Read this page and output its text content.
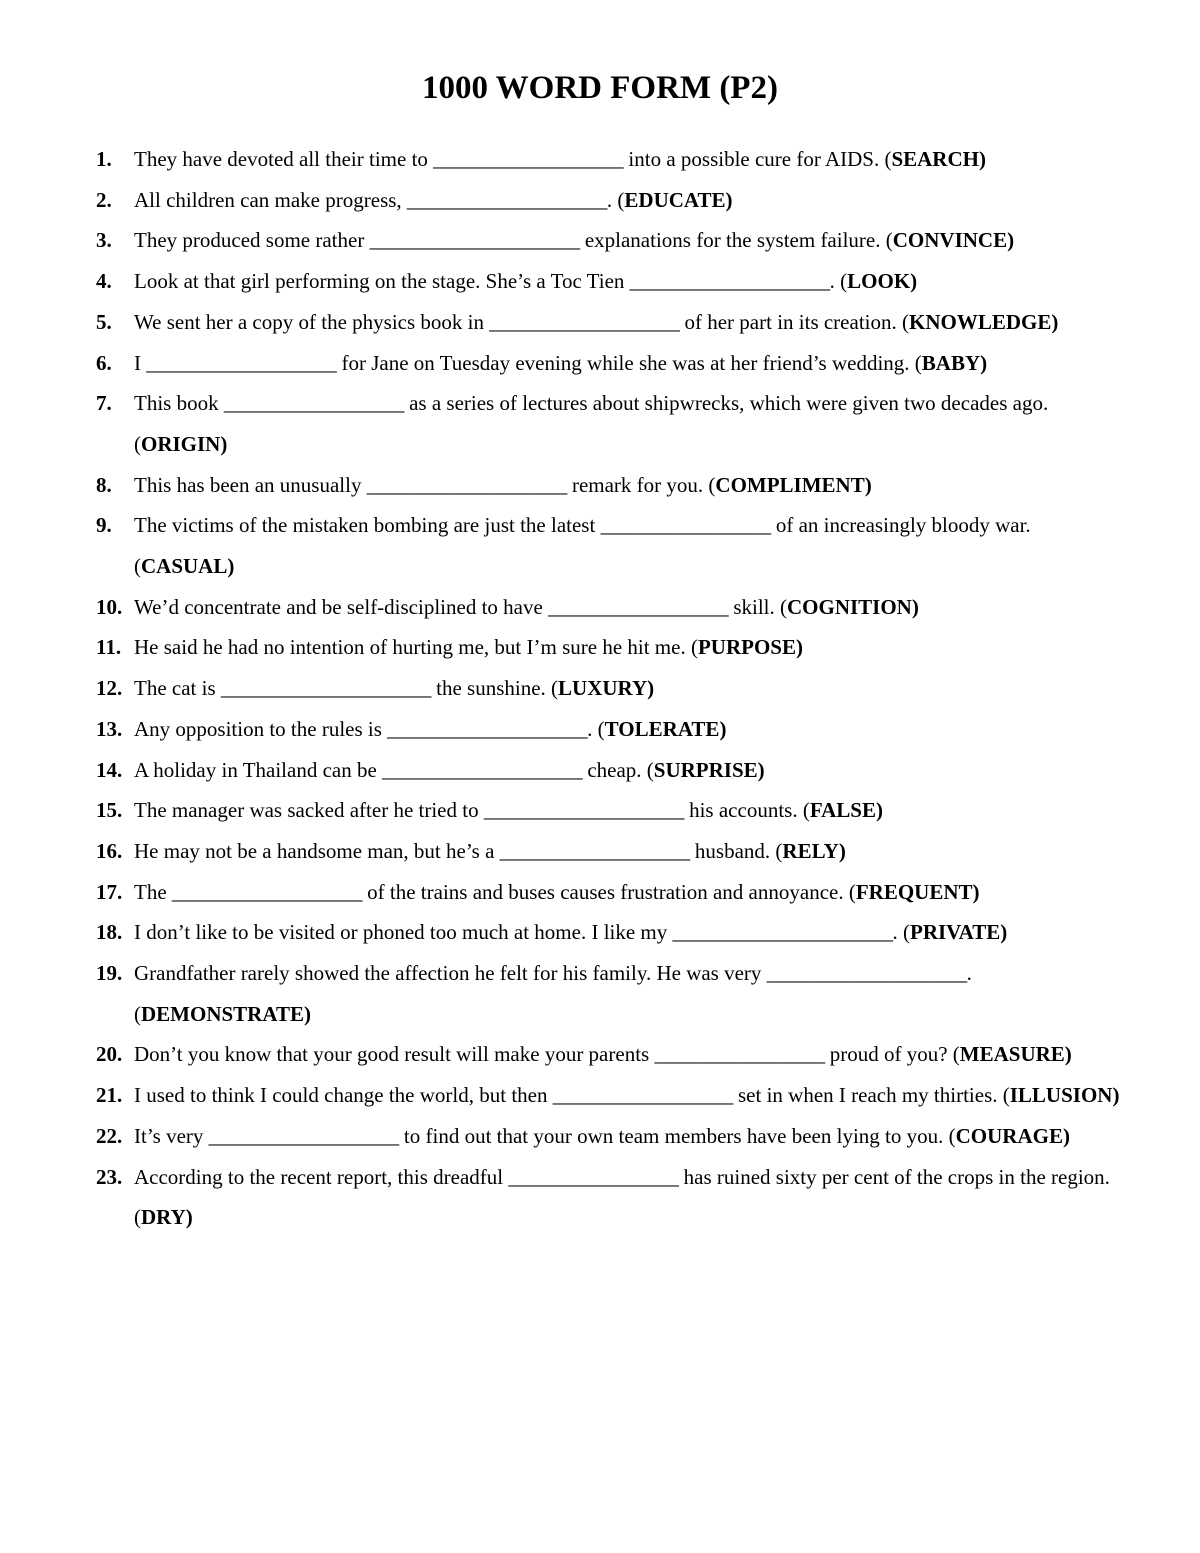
1000 WORD FORM (P2)
1. They have devoted all their time to ___________________ into a possible cure for AIDS. (SEARCH)
2. All children can make progress, ____________________. (EDUCATE)
3. They produced some rather _____________________ explanations for the system failure. (CONVINCE)
4. Look at that girl performing on the stage. She’s a Toc Tien ____________________. (LOOK)
5. We sent her a copy of the physics book in ___________________ of her part in its creation. (KNOWLEDGE)
6. I ___________________ for Jane on Tuesday evening while she was at her friend’s wedding. (BABY)
7. This book __________________ as a series of lectures about shipwrecks, which were given two decades ago. (ORIGIN)
8. This has been an unusually ____________________ remark for you. (COMPLIMENT)
9. The victims of the mistaken bombing are just the latest _________________ of an increasingly bloody war. (CASUAL)
10. We’d concentrate and be self-disciplined to have __________________ skill. (COGNITION)
11. He said he had no intention of hurting me, but I’m sure he hit me. (PURPOSE)
12. The cat is _____________________ the sunshine. (LUXURY)
13. Any opposition to the rules is ____________________. (TOLERATE)
14. A holiday in Thailand can be ____________________ cheap. (SURPRISE)
15. The manager was sacked after he tried to ____________________ his accounts. (FALSE)
16. He may not be a handsome man, but he’s a ___________________ husband. (RELY)
17. The ___________________ of the trains and buses causes frustration and annoyance. (FREQUENT)
18. I don’t like to be visited or phoned too much at home. I like my ______________________. (PRIVATE)
19. Grandfather rarely showed the affection he felt for his family. He was very ____________________. (DEMONSTRATE)
20. Don’t you know that your good result will make your parents _________________ proud of you? (MEASURE)
21. I used to think I could change the world, but then __________________ set in when I reach my thirties. (ILLUSION)
22. It’s very ___________________ to find out that your own team members have been lying to you. (COURAGE)
23. According to the recent report, this dreadful _________________ has ruined sixty per cent of the crops in the region. (DRY)
